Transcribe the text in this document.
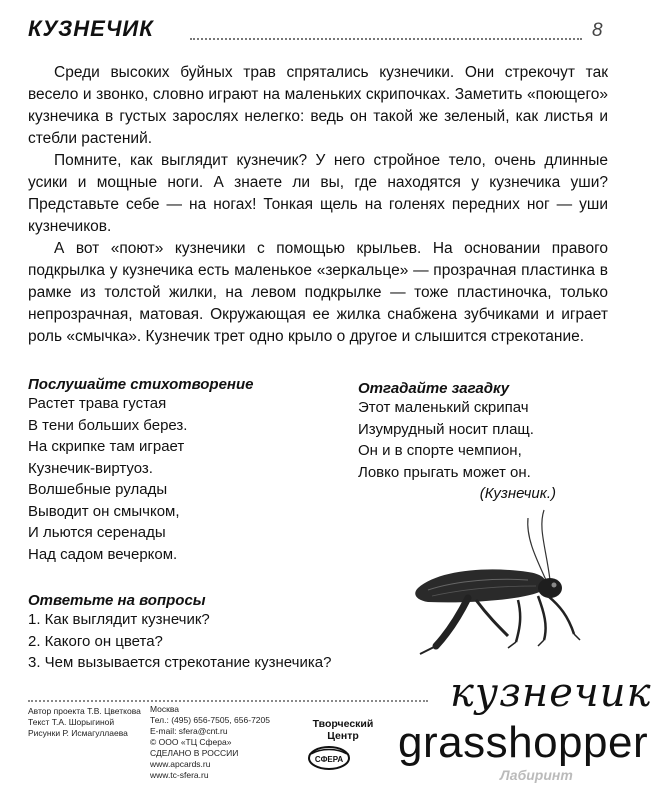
КУЗНЕЧИК	8

Среди высоких буйных трав спрятались кузнечики. Они стрекочут так весело и звонко, словно играют на маленьких скрипочках. Заметить «поющего» кузнечика в густых зарослях нелегко: ведь он такой же зеленый, как листья и стебли растений.

Помните, как выглядит кузнечик? У него стройное тело, очень длинные усики и мощные ноги. А знаете ли вы, где находятся у кузнечика уши? Представьте себе — на ногах! Тонкая щель на голенях передних ног — уши кузнечиков.

А вот «поют» кузнечики с помощью крыльев. На основании правого подкрылка у кузнечика есть маленькое «зеркальце» — прозрачная пластинка в рамке из толстой жилки, на левом подкрылке — тоже пластиночка, только непрозрачная, матовая. Окружающая ее жилка снабжена зубчиками и играет роль «смычка». Кузнечик трет одно крыло о другое и слышится стрекотание.

Послушайте стихотворение
Растет трава густая
В тени больших берез.
На скрипке там играет
Кузнечик-виртуоз.
Волшебные рулады
Выводит он смычком,
И льются серенады
Над садом вечерком.
Отгадайте загадку
Этот маленький скрипач
Изумрудный носит плащ.
Он и в спорте чемпион,
Ловко прыгать может он.
(Кузнечик.)
Ответьте на вопросы
1. Как выглядит кузнечик?
2. Какого он цвета?
3. Чем вызывается стрекотание кузнечика?
Автор проекта Т.В. Цветкова
Текст Т.А. Шорыгиной
Рисунки Р. Исмагуллаева
Москва
Тел.: (495) 656-7505, 656-7205
E-mail: sfera@cnt.ru
© ООО «ТЦ Сфера»
СДЕЛАНО В РОССИИ
www.apcards.ru
www.tc-sfera.ru
Творческий Центр
СФЕРА
кузнечик
grasshopper
Лабиринт
